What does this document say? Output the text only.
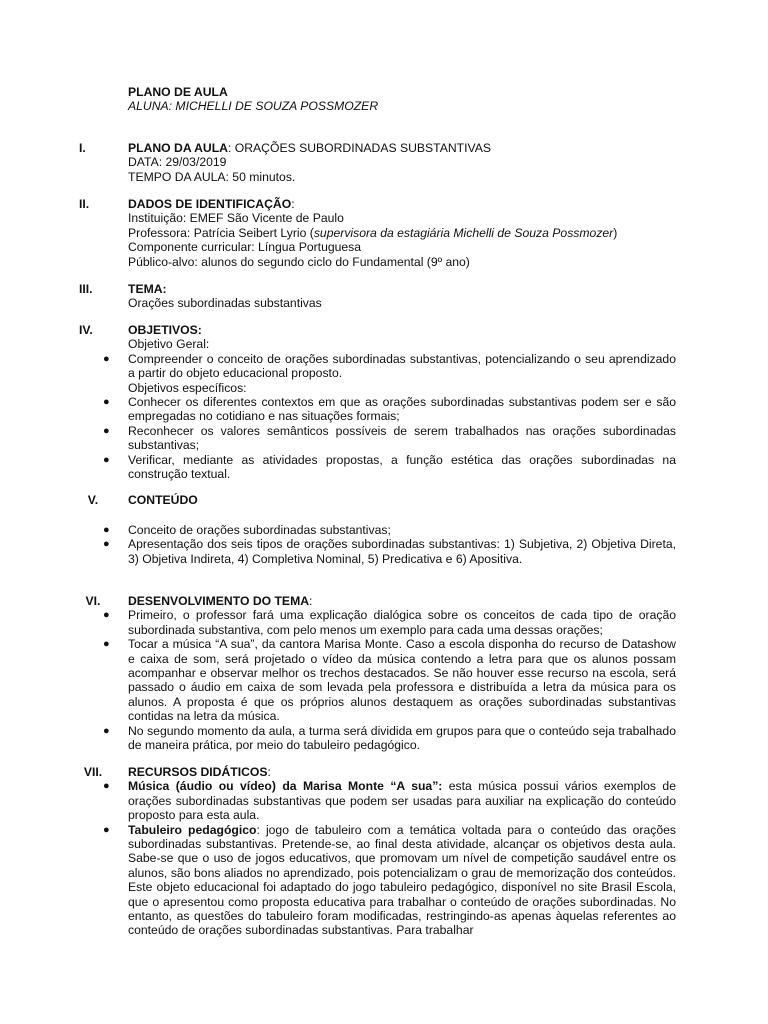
PLANO DE AULA
ALUNA: MICHELLI DE SOUZA POSSMOZER
I.	PLANO DA AULA: ORAÇÕES SUBORDINADAS SUBSTANTIVAS
DATA: 29/03/2019
TEMPO DA AULA: 50 minutos.
II.	DADOS DE IDENTIFICAÇÃO:
Instituição: EMEF São Vicente de Paulo
Professora: Patrícia Seibert Lyrio (supervisora da estagiária Michelli de Souza Possmozer)
Componente curricular: Língua Portuguesa
Público-alvo: alunos do segundo ciclo do Fundamental (9º ano)
III.	TEMA:
Orações subordinadas substantivas
IV.	OBJETIVOS:
Objetivo Geral:
● Compreender o conceito de orações subordinadas substantivas, potencializando o seu aprendizado a partir do objeto educacional proposto.
Objetivos específicos:
● Conhecer os diferentes contextos em que as orações subordinadas substantivas podem ser e são empregadas no cotidiano e nas situações formais;
● Reconhecer os valores semânticos possíveis de serem trabalhados nas orações subordinadas substantivas;
● Verificar, mediante as atividades propostas, a função estética das orações subordinadas na construção textual.
V.	CONTEÚDO
● Conceito de orações subordinadas substantivas;
● Apresentação dos seis tipos de orações subordinadas substantivas: 1) Subjetiva, 2) Objetiva Direta, 3) Objetiva Indireta, 4) Completiva Nominal, 5) Predicativa e 6) Apositiva.
VI.	DESENVOLVIMENTO DO TEMA:
● Primeiro, o professor fará uma explicação dialógica sobre os conceitos de cada tipo de oração subordinada substantiva, com pelo menos um exemplo para cada uma dessas orações;
● Tocar a música “A sua”, da cantora Marisa Monte. Caso a escola disponha do recurso de Datashow e caixa de som, será projetado o vídeo da música contendo a letra para que os alunos possam acompanhar e observar melhor os trechos destacados. Se não houver esse recurso na escola, será passado o áudio em caixa de som levada pela professora e distribuída a letra da música para os alunos. A proposta é que os próprios alunos destaquem as orações subordinadas substantivas contidas na letra da música.
● No segundo momento da aula, a turma será dividida em grupos para que o conteúdo seja trabalhado de maneira prática, por meio do tabuleiro pedagógico.
VII.	RECURSOS DIDÁTICOS:
● Música (áudio ou vídeo) da Marisa Monte “A sua”: esta música possui vários exemplos de orações subordinadas substantivas que podem ser usadas para auxiliar na explicação do conteúdo proposto para esta aula.
● Tabuleiro pedagógico: jogo de tabuleiro com a temática voltada para o conteúdo das orações subordinadas substantivas. Pretende-se, ao final desta atividade, alcançar os objetivos desta aula. Sabe-se que o uso de jogos educativos, que promovam um nível de competição saudável entre os alunos, são bons aliados no aprendizado, pois potencializam o grau de memorização dos conteúdos. Este objeto educacional foi adaptado do jogo tabuleiro pedagógico, disponível no site Brasil Escola, que o apresentou como proposta educativa para trabalhar o conteúdo de orações subordinadas. No entanto, as questões do tabuleiro foram modificadas, restringindo-as apenas àquelas referentes ao conteúdo de orações subordinadas substantivas. Para trabalhar
